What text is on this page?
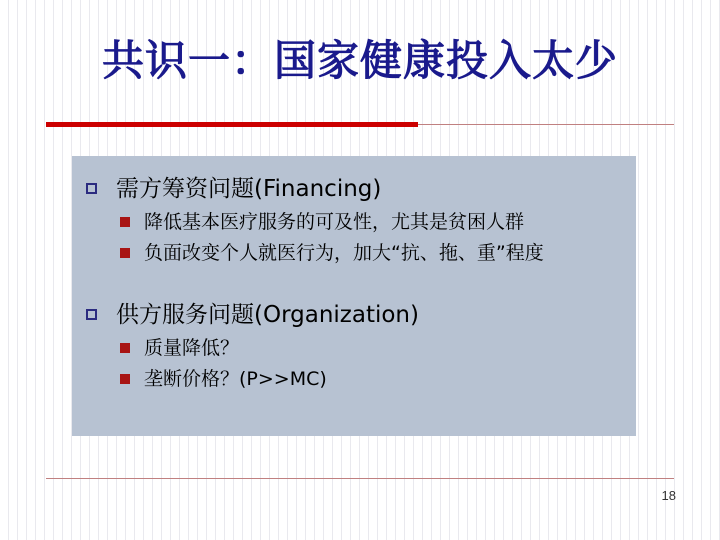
共识一：国家健康投入太少
需方筹资问题(Financing)
降低基本医疗服务的可及性，尤其是贫困人群
负面改变个人就医行为，加大“抗、拖、重”程度
供方服务问题(Organization)
质量降低？
垄断价格？(P>>MC)
18
